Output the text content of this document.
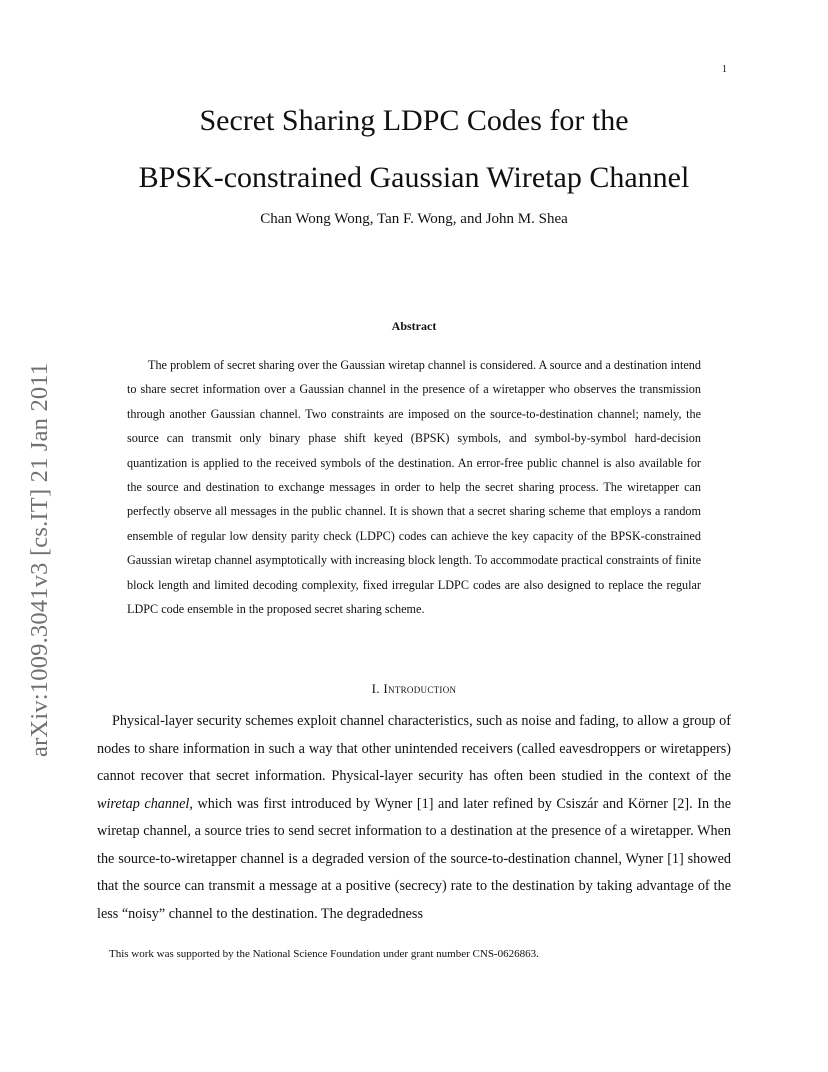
1
arXiv:1009.3041v3 [cs.IT] 21 Jan 2011
Secret Sharing LDPC Codes for the
BPSK-constrained Gaussian Wiretap Channel
Chan Wong Wong, Tan F. Wong, and John M. Shea
Abstract

The problem of secret sharing over the Gaussian wiretap channel is considered. A source and a destination intend to share secret information over a Gaussian channel in the presence of a wiretapper who observes the transmission through another Gaussian channel. Two constraints are imposed on the source-to-destination channel; namely, the source can transmit only binary phase shift keyed (BPSK) symbols, and symbol-by-symbol hard-decision quantization is applied to the received symbols of the destination. An error-free public channel is also available for the source and destination to exchange messages in order to help the secret sharing process. The wiretapper can perfectly observe all messages in the public channel. It is shown that a secret sharing scheme that employs a random ensemble of regular low density parity check (LDPC) codes can achieve the key capacity of the BPSK-constrained Gaussian wiretap channel asymptotically with increasing block length. To accommodate practical constraints of finite block length and limited decoding complexity, fixed irregular LDPC codes are also designed to replace the regular LDPC code ensemble in the proposed secret sharing scheme.

I. Introduction

Physical-layer security schemes exploit channel characteristics, such as noise and fading, to allow a group of nodes to share information in such a way that other unintended receivers (called eavesdroppers or wiretappers) cannot recover that secret information. Physical-layer security has often been studied in the context of the wiretap channel, which was first introduced by Wyner [1] and later refined by Csiszár and Körner [2]. In the wiretap channel, a source tries to send secret information to a destination at the presence of a wiretapper. When the source-to-wiretapper channel is a degraded version of the source-to-destination channel, Wyner [1] showed that the source can transmit a message at a positive (secrecy) rate to the destination by taking advantage of the less “noisy” channel to the destination. The degradedness

This work was supported by the National Science Foundation under grant number CNS-0626863.
